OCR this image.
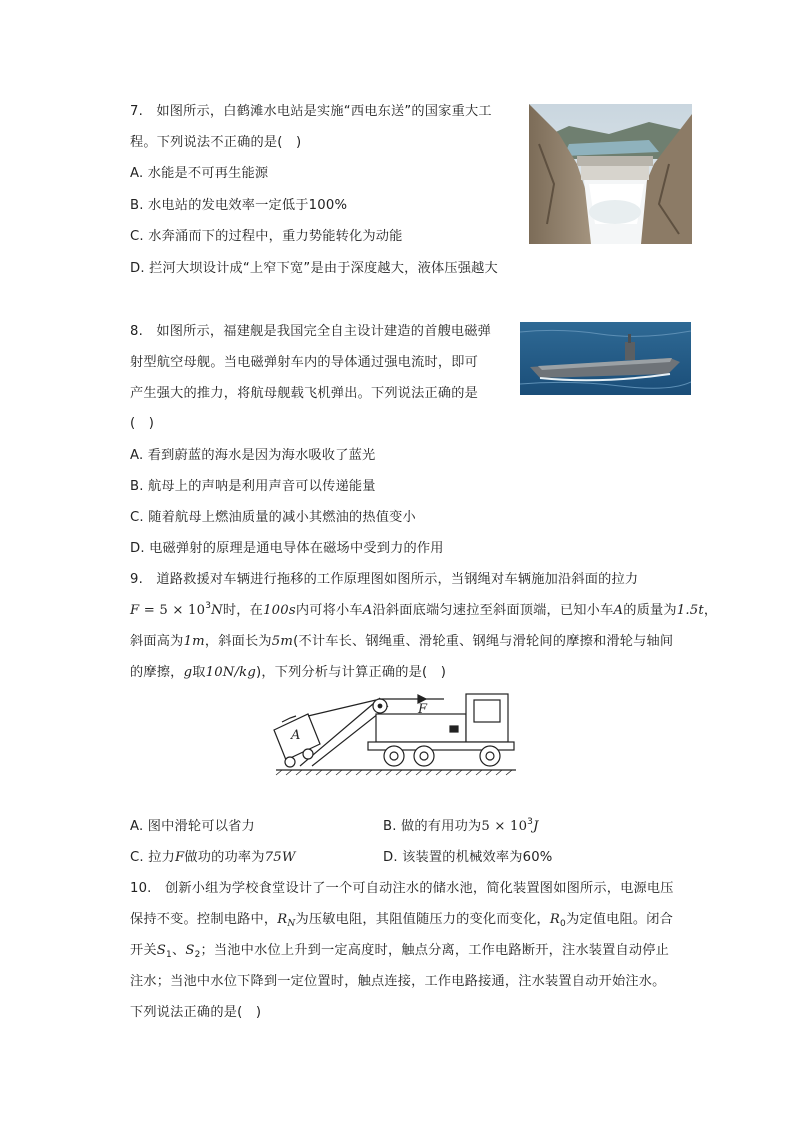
7.　如图所示，白鹤滩水电站是实施“西电东送”的国家重大工
程。下列说法不正确的是(　)
A. 水能是不可再生能源
B. 水电站的发电效率一定低于100%
C. 水奔涌而下的过程中，重力势能转化为动能
D. 拦河大坝设计成“上窄下宽”是由于深度越大，液体压强越大
8.　如图所示，福建舰是我国完全自主设计建造的首艘电磁弹
射型航空母舰。当电磁弹射车内的导体通过强电流时，即可
产生强大的推力，将航母舰载飞机弹出。下列说法正确的是
(　)
A. 看到蔚蓝的海水是因为海水吸收了蓝光
B. 航母上的声呐是利用声音可以传递能量
C. 随着航母上燃油质量的减小其燃油的热值变小
D. 电磁弹射的原理是通电导体在磁场中受到力的作用
9.　道路救援对车辆进行拖移的工作原理图如图所示，当钢绳对车辆施加沿斜面的拉力
$F = 5 \times 10^3N$时，在100s内可将小车A沿斜面底端匀速拉至斜面顶端，已知小车A的质量为1.5t，
斜面高为1m，斜面长为5m(不计车长、钢绳重、滑轮重、钢绳与滑轮间的摩擦和滑轮与轴间
的摩擦，g取10N/kg)，下列分析与计算正确的是(　)
F
A
A. 图中滑轮可以省力	B. 做的有用功为$5 \times 10^3J$
C. 拉力F做功的功率为75W	D. 该装置的机械效率为60%
10.　创新小组为学校食堂设计了一个可自动注水的储水池，简化装置图如图所示，电源电压
保持不变。控制电路中，$R_N$为压敏电阻，其阻值随压力的变化而变化，$R_0$为定值电阻。闭合
开关$S_1$、$S_2$；当池中水位上升到一定高度时，触点分离，工作电路断开，注水装置自动停止
注水；当池中水位下降到一定位置时，触点连接，工作电路接通，注水装置自动开始注水。
下列说法正确的是(　)
